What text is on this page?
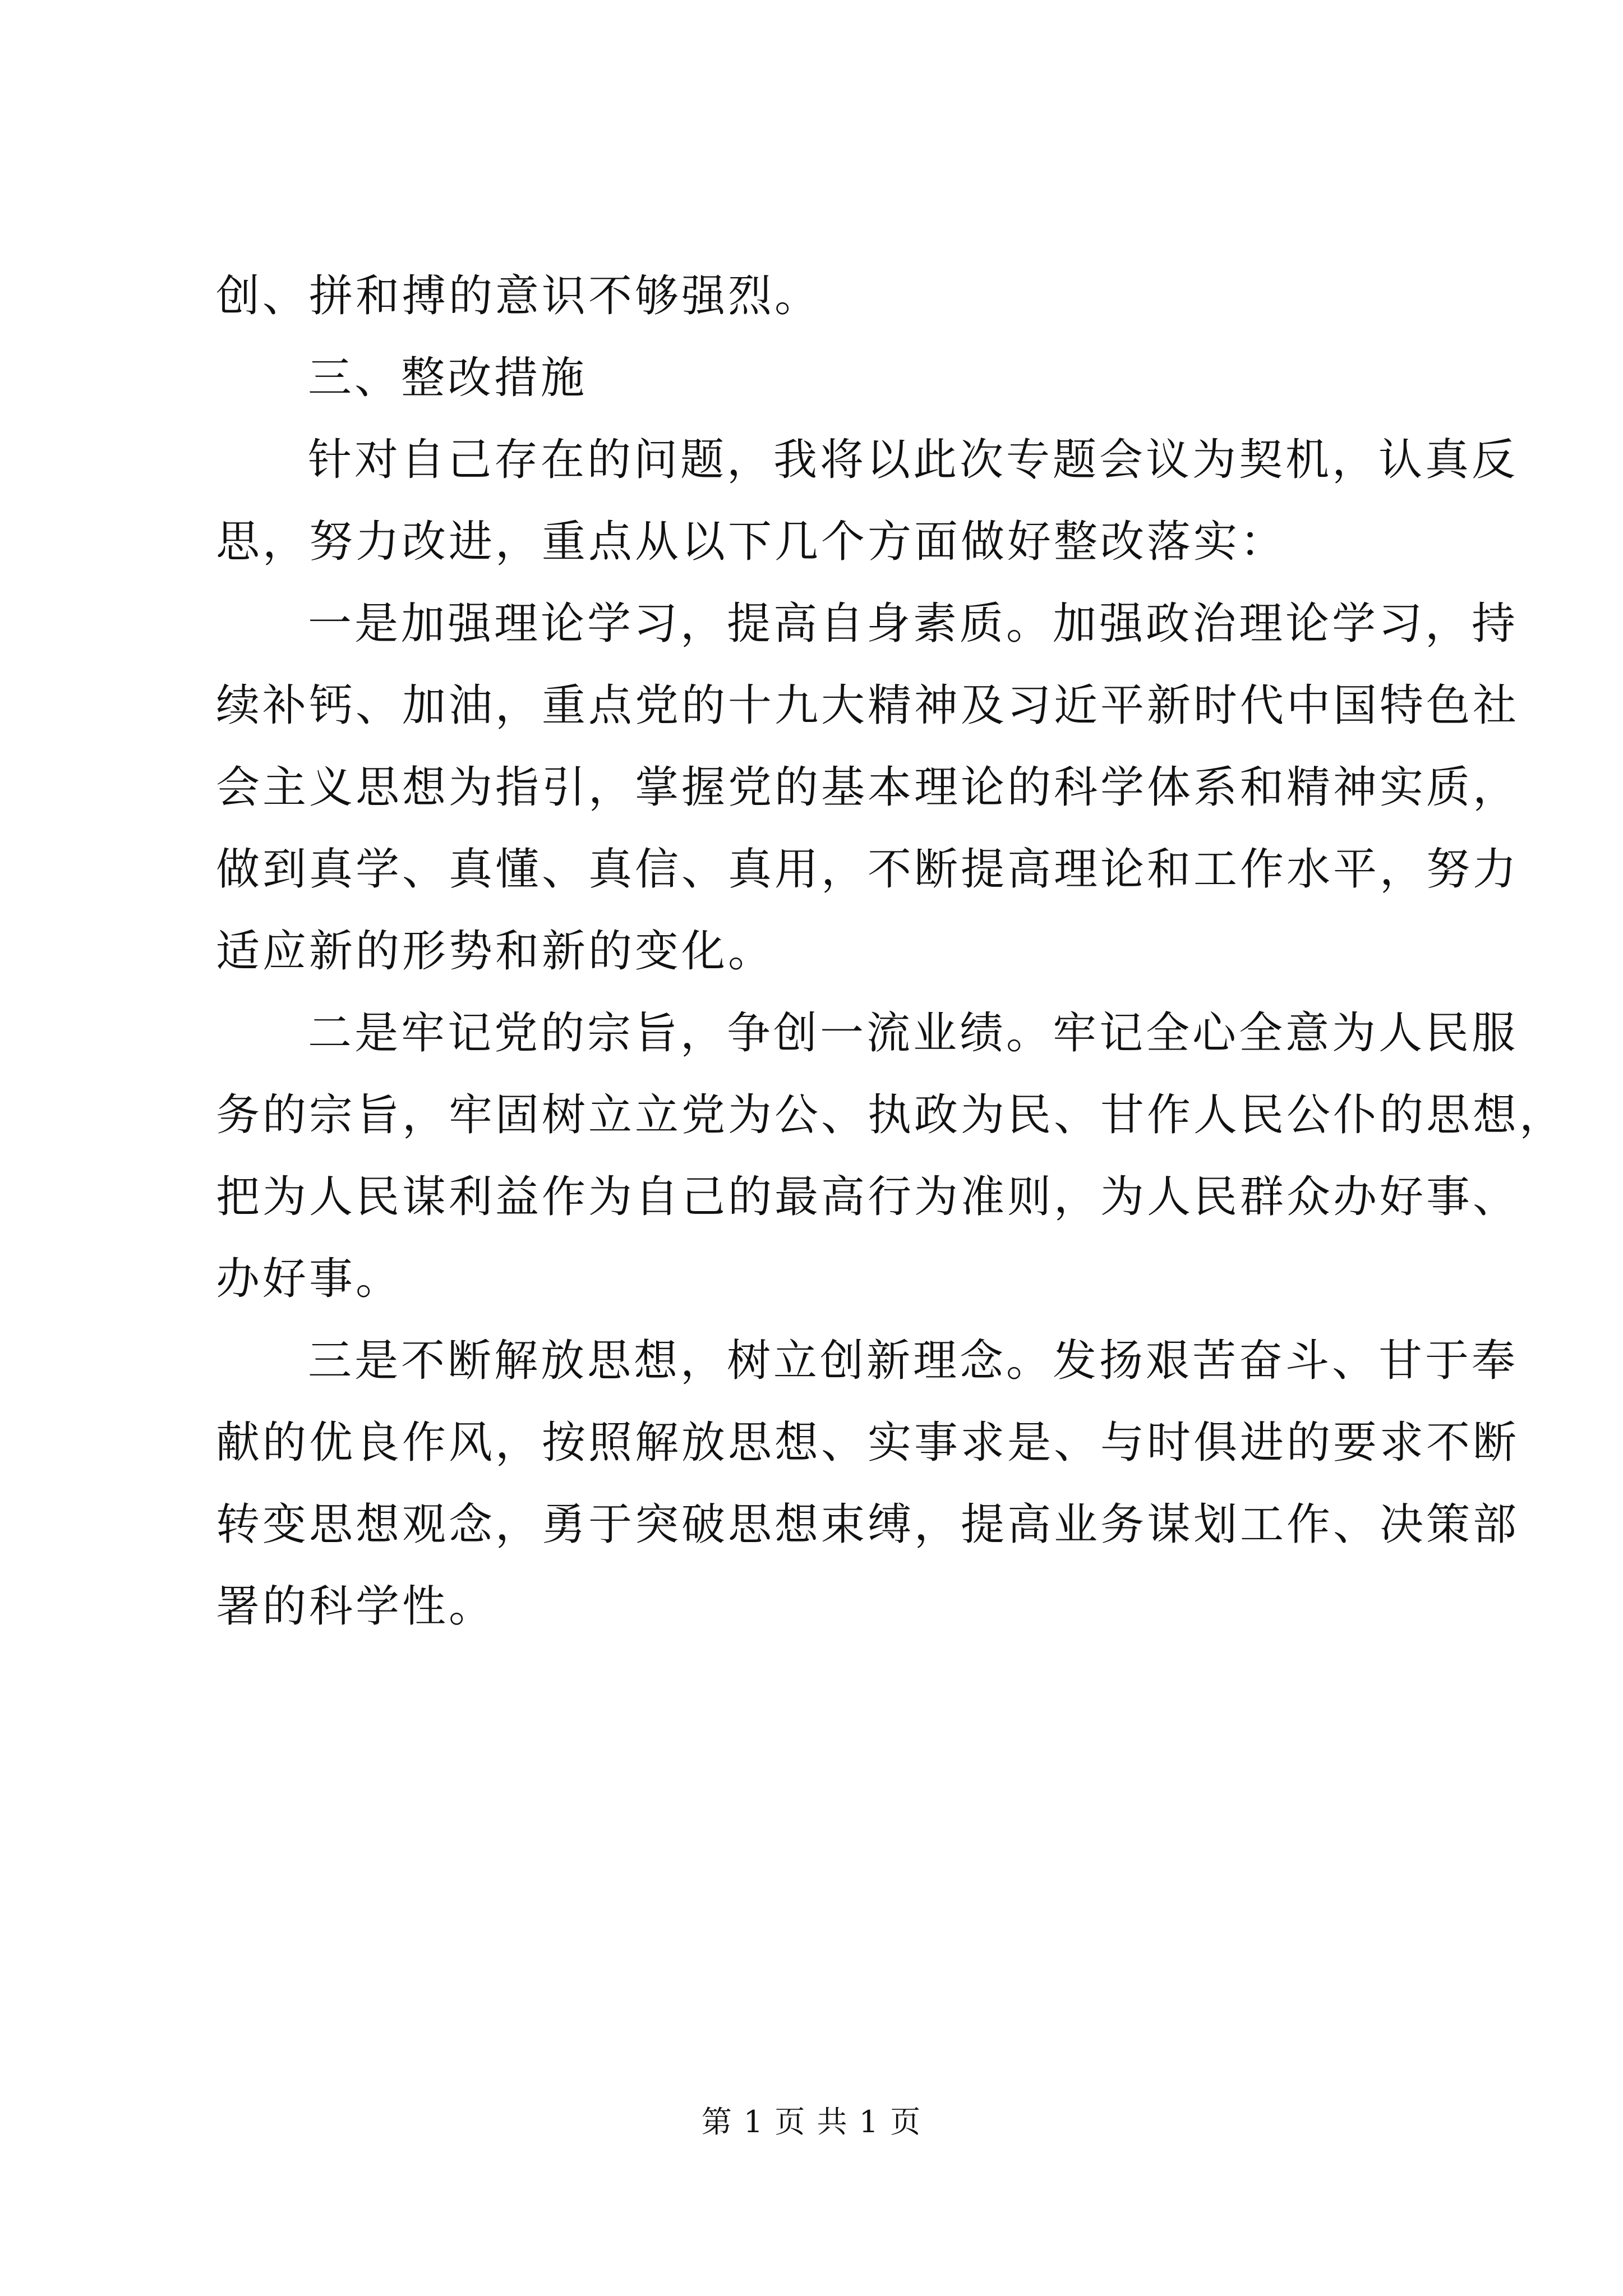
创、拼和搏的意识不够强烈。
三、整改措施
针对自己存在的问题，我将以此次专题会议为契机，认真反
思，努力改进，重点从以下几个方面做好整改落实：
一是加强理论学习，提高自身素质。加强政治理论学习，持
续补钙、加油，重点党的十九大精神及习近平新时代中国特色社
会主义思想为指引，掌握党的基本理论的科学体系和精神实质，
做到真学、真懂、真信、真用，不断提高理论和工作水平，努力
适应新的形势和新的变化。
二是牢记党的宗旨，争创一流业绩。牢记全心全意为人民服
务的宗旨，牢固树立立党为公、执政为民、甘作人民公仆的思想，
把为人民谋利益作为自己的最高行为准则，为人民群众办好事、
办好事。
三是不断解放思想，树立创新理念。发扬艰苦奋斗、甘于奉
献的优良作风，按照解放思想、实事求是、与时俱进的要求不断
转变思想观念，勇于突破思想束缚，提高业务谋划工作、决策部
署的科学性。
第 1 页 共 1 页
